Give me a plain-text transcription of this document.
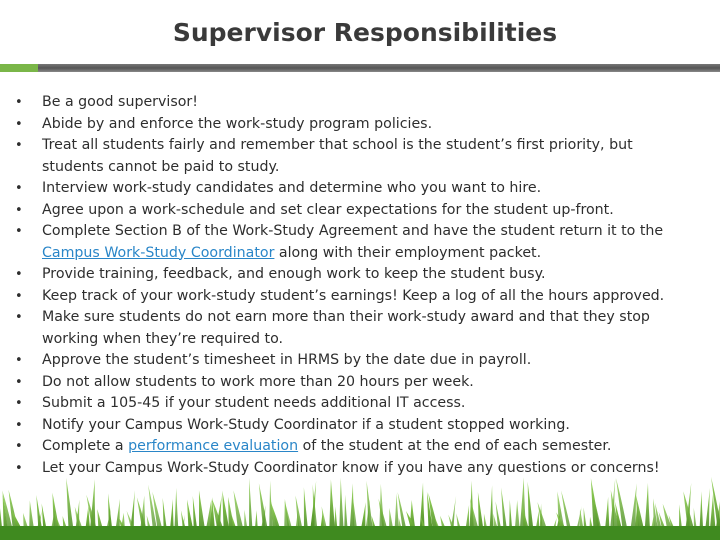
Supervisor Responsibilities
• Be a good supervisor!
• Abide by and enforce the work-study program policies.
• Treat all students fairly and remember that school is the student’s first priority, but
students cannot be paid to study.
• Interview work-study candidates and determine who you want to hire.
• Agree upon a work-schedule and set clear expectations for the student up-front.
• Complete Section B of the Work-Study Agreement and have the student return it to the
Campus Work-Study Coordinator along with their employment packet.
• Provide training, feedback, and enough work to keep the student busy.
• Keep track of your work-study student’s earnings! Keep a log of all the hours approved.
• Make sure students do not earn more than their work-study award and that they stop
working when they’re required to.
• Approve the student’s timesheet in HRMS by the date due in payroll.
• Do not allow students to work more than 20 hours per week.
• Submit a 105-45 if your student needs additional IT access.
• Notify your Campus Work-Study Coordinator if a student stopped working.
• Complete a performance evaluation of the student at the end of each semester.
• Let your Campus Work-Study Coordinator know if you have any questions or concerns!
